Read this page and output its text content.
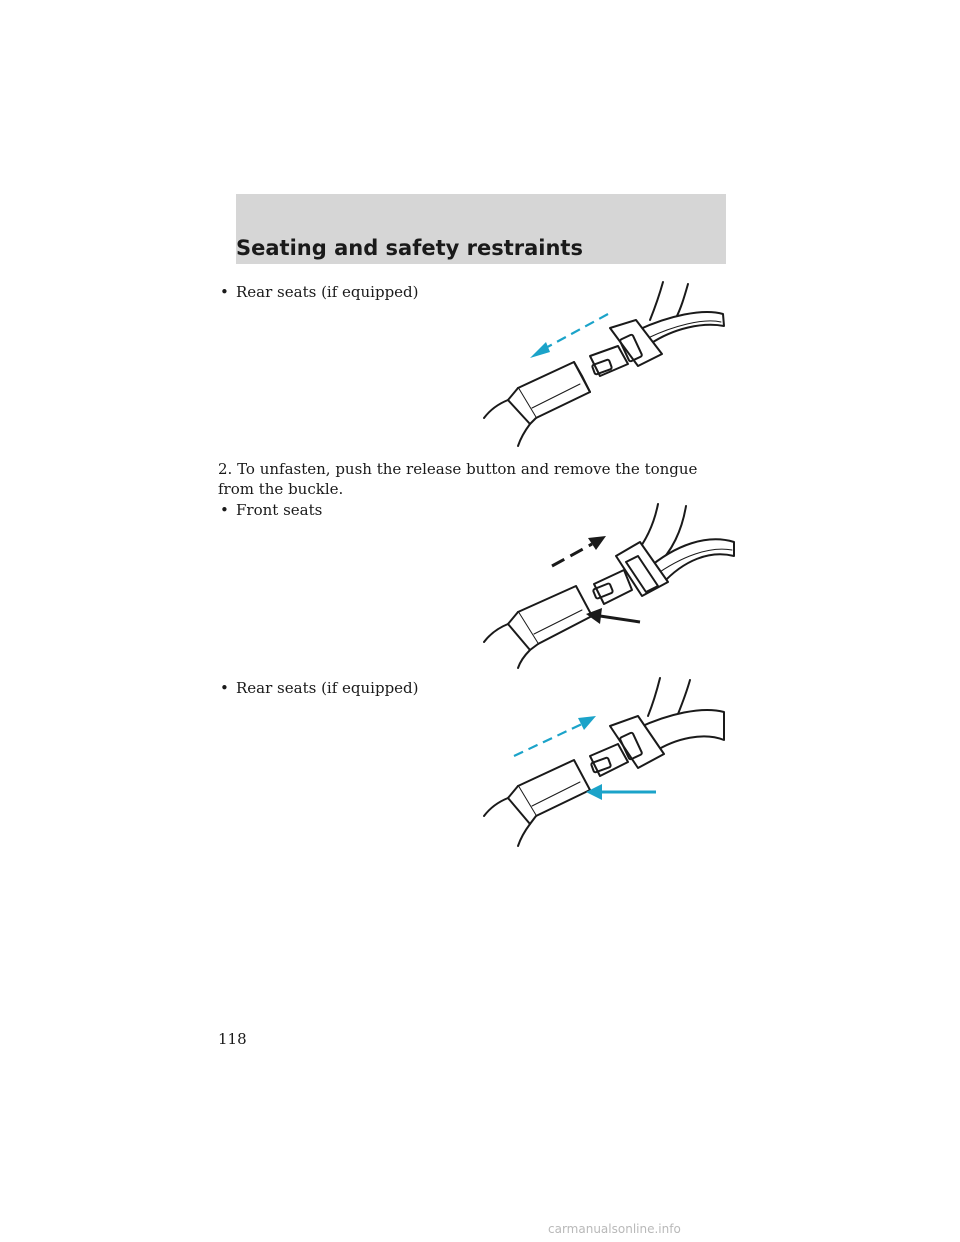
Seating and safety restraints
• Rear seats (if equipped)
2. To unfasten, push the release button and remove the tongue from the buckle.
• Front seats
• Rear seats (if equipped)
118
carmanualsonline.info
